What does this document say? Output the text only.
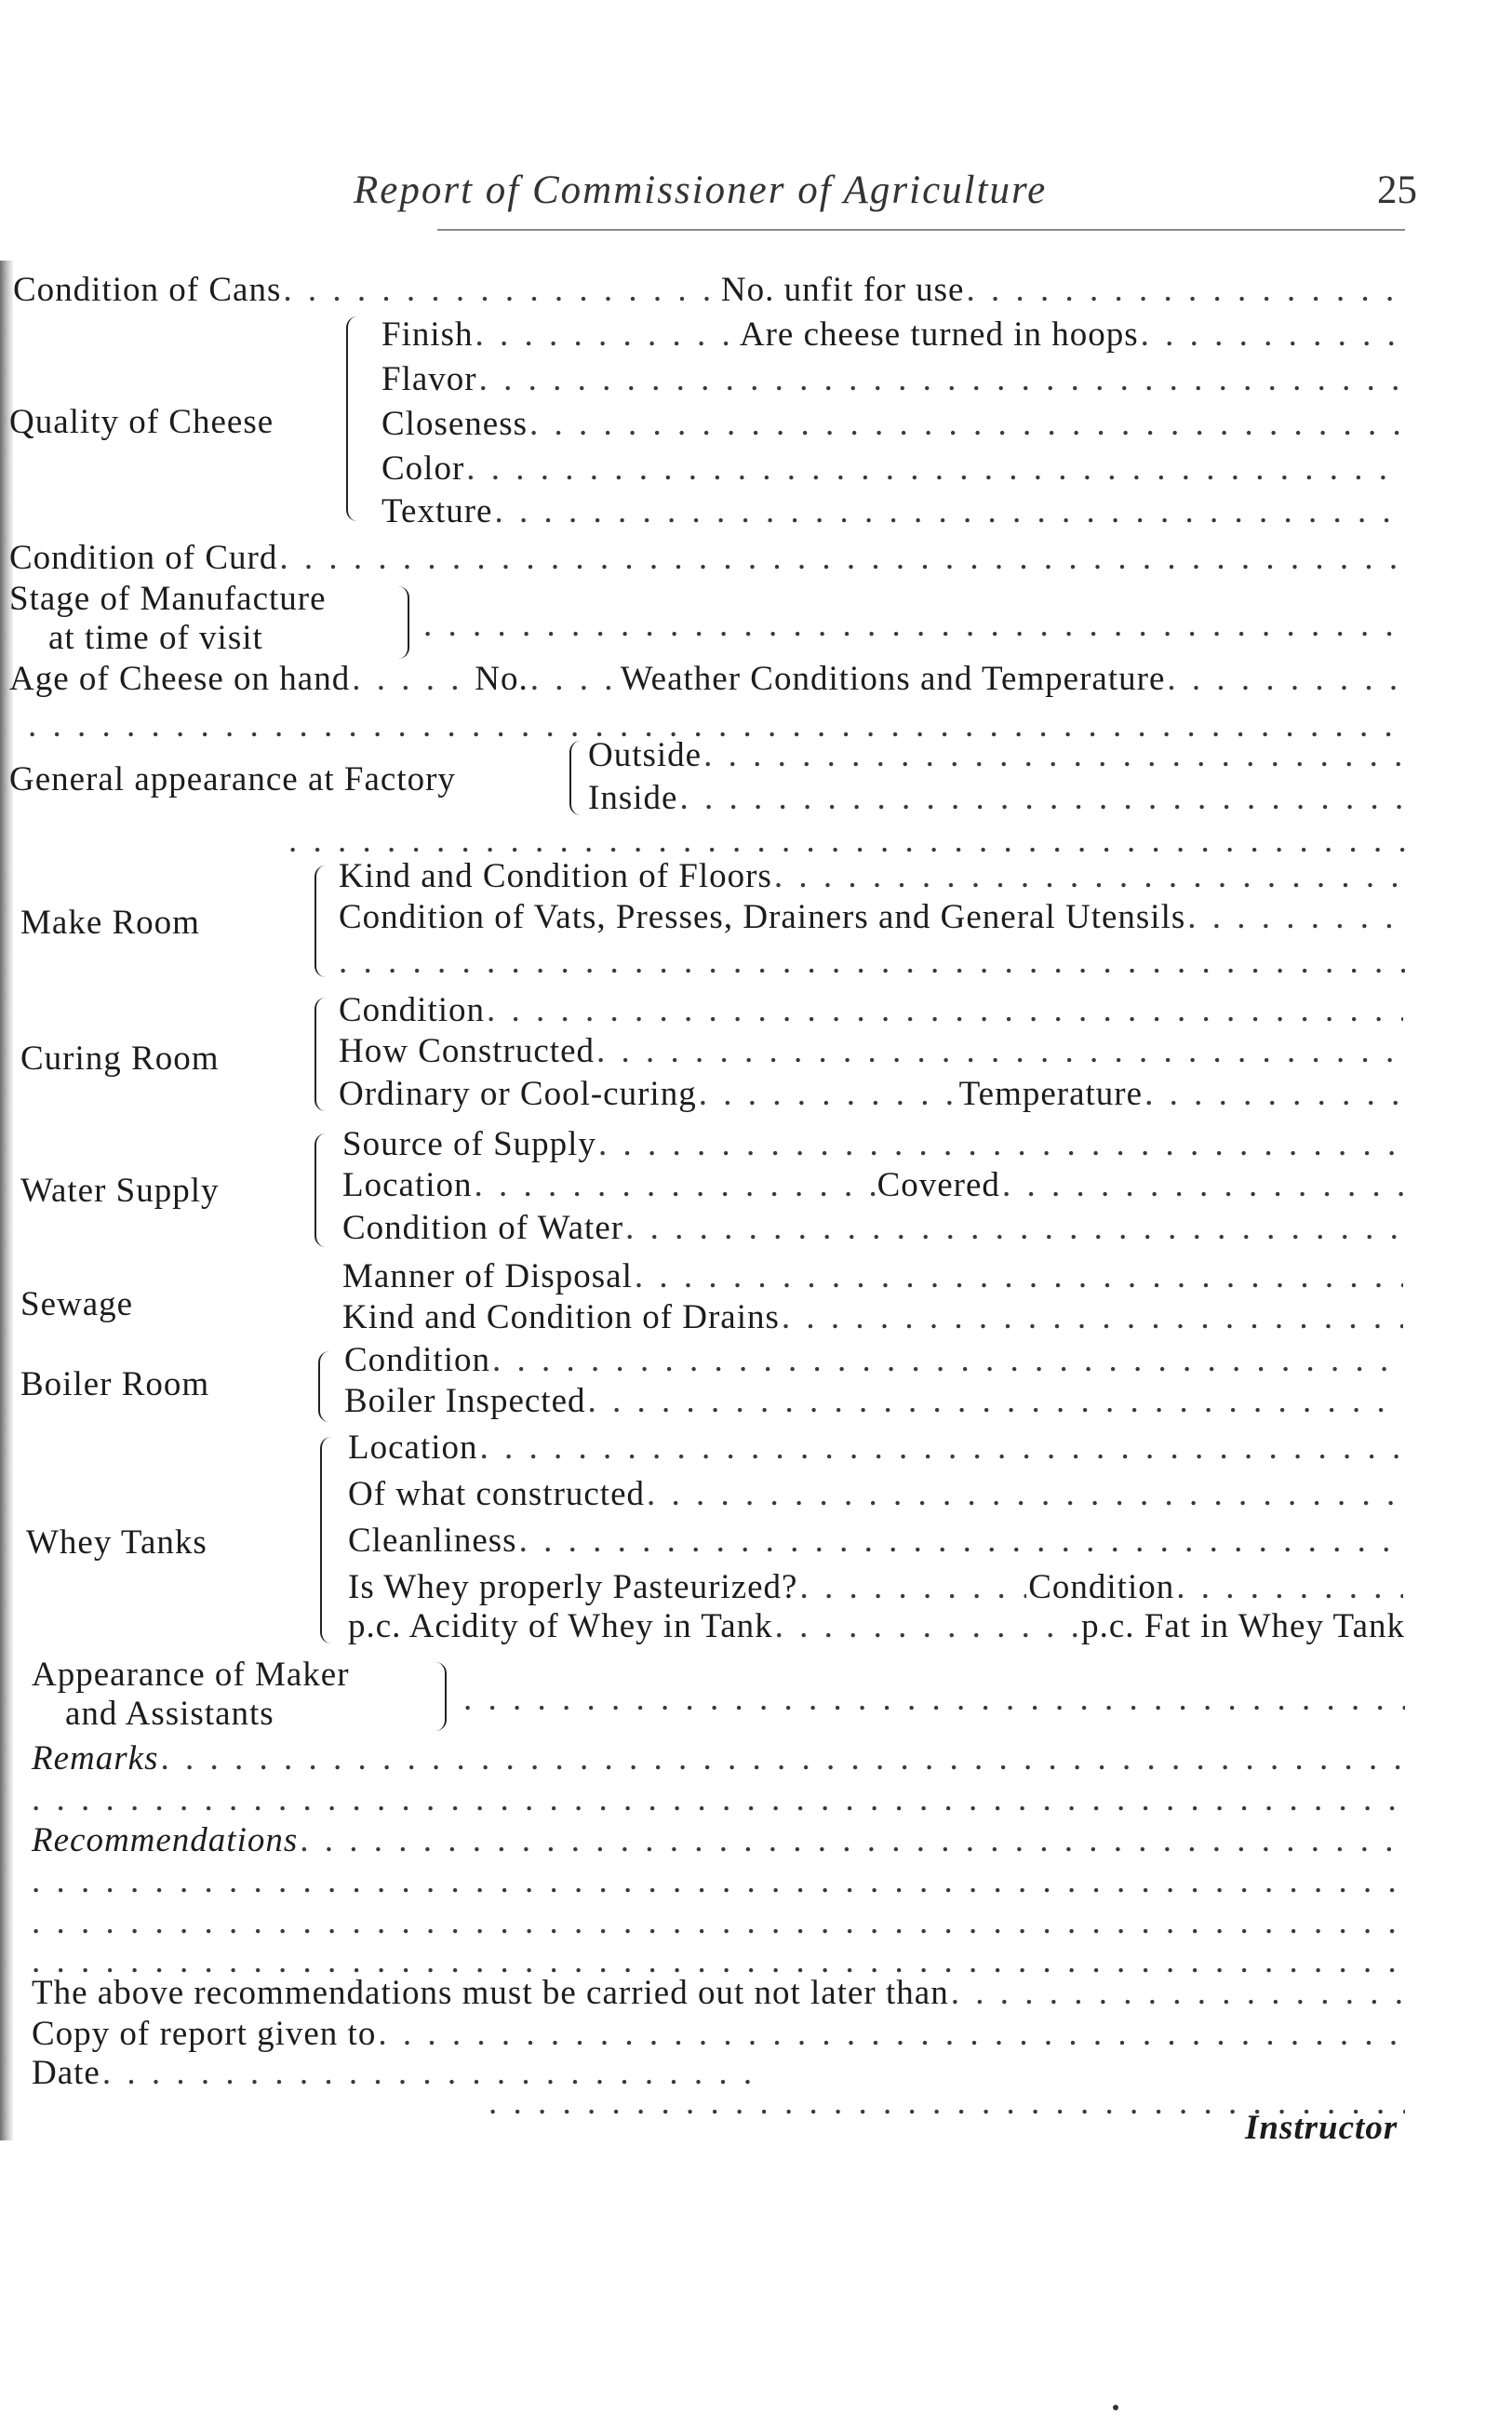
Report of Commissioner of Agriculture	25
Condition of Cans . . .	No. unfit for use
. . .
Quality of Cheese
Finish . . .	Are cheese turned in hoops
. . .
Flavor
. . .
Closeness
. . .
Color
. . .
Texture
. . .
Condition of Curd
. . .
Stage of Manufacture
at time of visit
. . .
Age of Cheese on hand . . .	No. . . .	Weather Conditions and Temperature
. . .
. . .
General appearance at Factory
Outside
. . .
Inside
. . .
. . .
Make Room
Kind and Condition of Floors
. . .
Condition of Vats, Presses, Drainers and General Utensils
. . .
. . .
Curing Room
Condition
. . .
How Constructed
. . .
Ordinary or Cool-curing . . .	Temperature
. . .
Water Supply
Source of Supply
. . .
Location . . .	Covered
. . .
Condition of Water
. . .
Sewage
Manner of Disposal
. . .
Kind and Condition of Drains
. . .
Boiler Room
Condition
. . .
Boiler Inspected
. . .
Whey Tanks
Location
. . .
Of what constructed
. . .
Cleanliness
. . .
Is Whey properly Pasteurized? . . .	Condition
. . .
p.c. Acidity of Whey in Tank . . .	p.c. Fat in Whey Tank
Appearance of Maker
and Assistants
. . .
Remarks
. . .
. . .
Recommendations
. . .
. . .
. . .
. . .
The above recommendations must be carried out not later than
. . .
Copy of report given to
. . .
Date
. . .
. . .
Instructor
